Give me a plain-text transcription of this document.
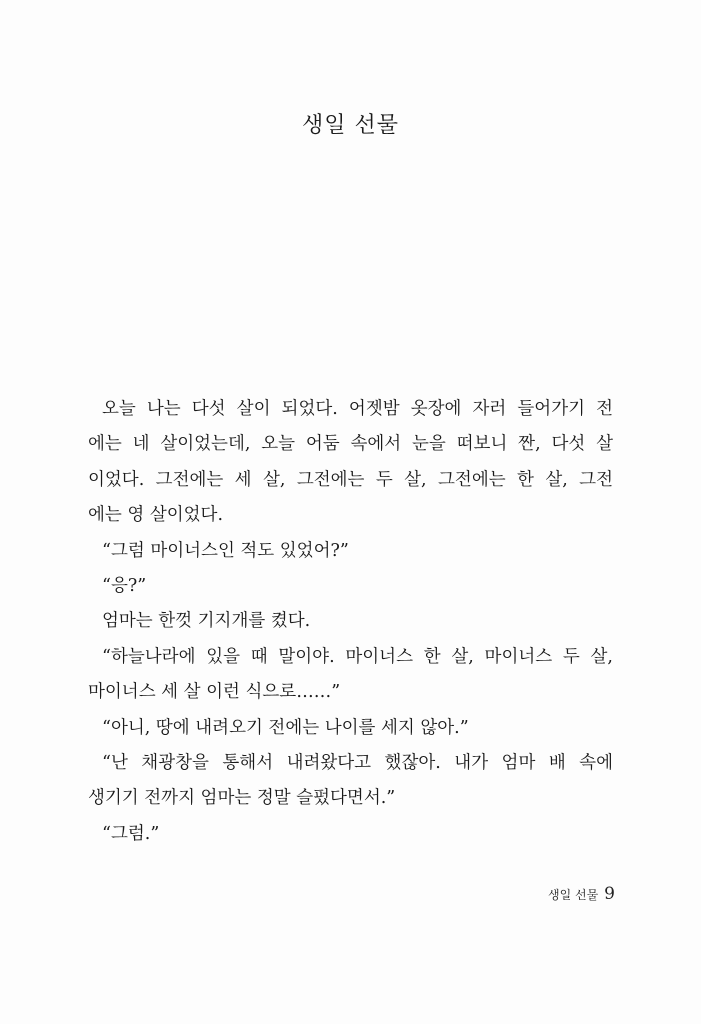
생일 선물
오늘 나는 다섯 살이 되었다. 어젯밤 옷장에 자러 들어가기 전
에는 네 살이었는데, 오늘 어둠 속에서 눈을 떠보니 짠, 다섯 살
이었다. 그전에는 세 살, 그전에는 두 살, 그전에는 한 살, 그전
에는 영 살이었다.
“그럼 마이너스인 적도 있었어?”
“응?”
엄마는 한껏 기지개를 켰다.
“하늘나라에 있을 때 말이야. 마이너스 한 살, 마이너스 두 살,
마이너스 세 살 이런 식으로……”
“아니, 땅에 내려오기 전에는 나이를 세지 않아.”
“난 채광창을 통해서 내려왔다고 했잖아. 내가 엄마 배 속에
생기기 전까지 엄마는 정말 슬펐다면서.”
“그럼.”
생일 선물 9
